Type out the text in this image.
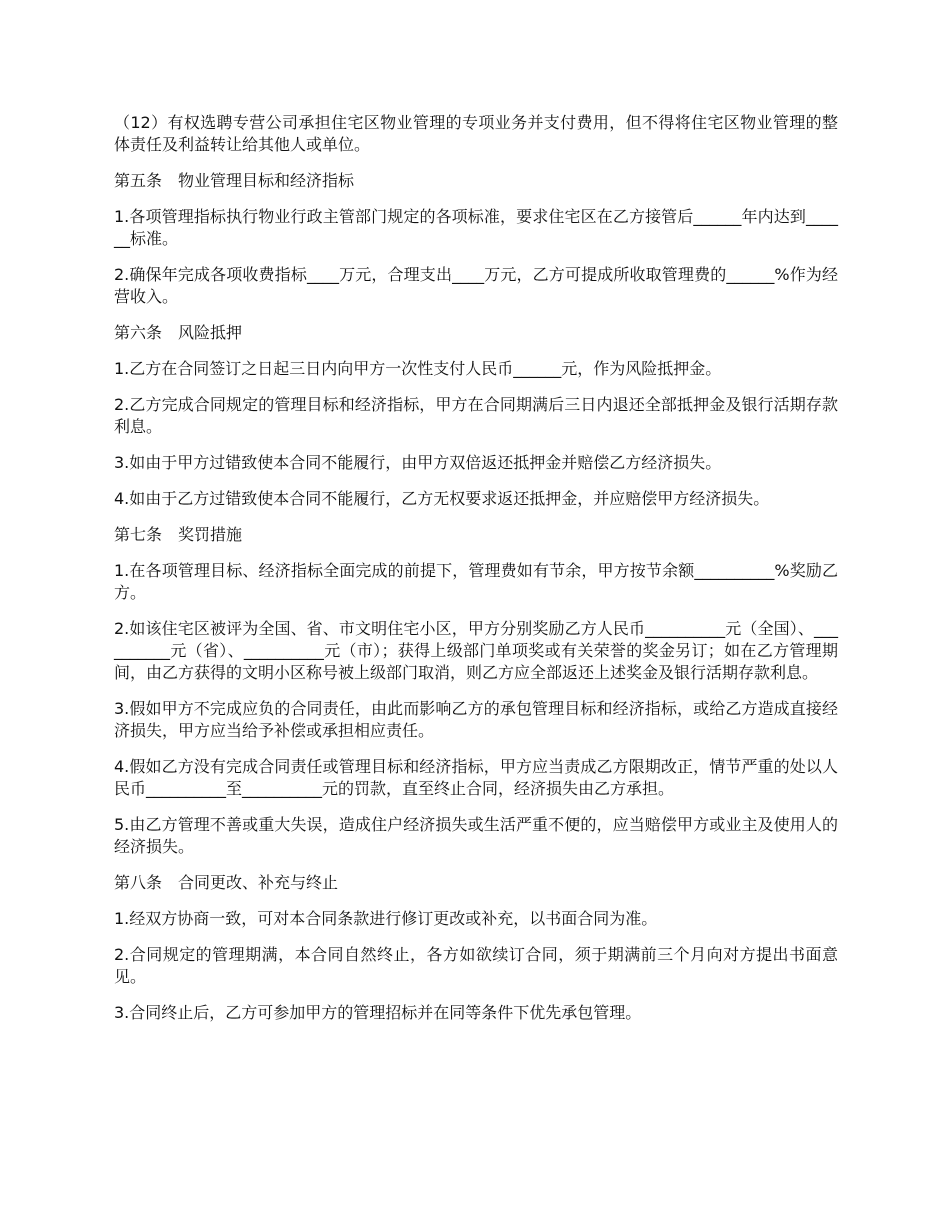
（12）有权选聘专营公司承担住宅区物业管理的专项业务并支付费用，但不得将住宅区物业管理的整体责任及利益转让给其他人或单位。

第五条　物业管理目标和经济指标

1.各项管理指标执行物业行政主管部门规定的各项标准，要求住宅区在乙方接管后______年内达到______标准。

2.确保年完成各项收费指标____万元，合理支出____万元，乙方可提成所收取管理费的______%作为经营收入。

第六条　风险抵押

1.乙方在合同签订之日起三日内向甲方一次性支付人民币______元，作为风险抵押金。

2.乙方完成合同规定的管理目标和经济指标，甲方在合同期满后三日内退还全部抵押金及银行活期存款利息。

3.如由于甲方过错致使本合同不能履行，由甲方双倍返还抵押金并赔偿乙方经济损失。

4.如由于乙方过错致使本合同不能履行，乙方无权要求返还抵押金，并应赔偿甲方经济损失。

第七条　奖罚措施

1.在各项管理目标、经济指标全面完成的前提下，管理费如有节余，甲方按节余额__________%奖励乙方。

2.如该住宅区被评为全国、省、市文明住宅小区，甲方分别奖励乙方人民币__________元（全国）、__________元（省）、__________元（市）；获得上级部门单项奖或有关荣誉的奖金另订；如在乙方管理期间，由乙方获得的文明小区称号被上级部门取消，则乙方应全部返还上述奖金及银行活期存款利息。

3.假如甲方不完成应负的合同责任，由此而影响乙方的承包管理目标和经济指标，或给乙方造成直接经济损失，甲方应当给予补偿或承担相应责任。

4.假如乙方没有完成合同责任或管理目标和经济指标，甲方应当责成乙方限期改正，情节严重的处以人民币__________至__________元的罚款，直至终止合同，经济损失由乙方承担。

5.由乙方管理不善或重大失误，造成住户经济损失或生活严重不便的，应当赔偿甲方或业主及使用人的经济损失。

第八条　合同更改、补充与终止

1.经双方协商一致，可对本合同条款进行修订更改或补充，以书面合同为准。

2.合同规定的管理期满，本合同自然终止，各方如欲续订合同，须于期满前三个月向对方提出书面意见。

3.合同终止后，乙方可参加甲方的管理招标并在同等条件下优先承包管理。
